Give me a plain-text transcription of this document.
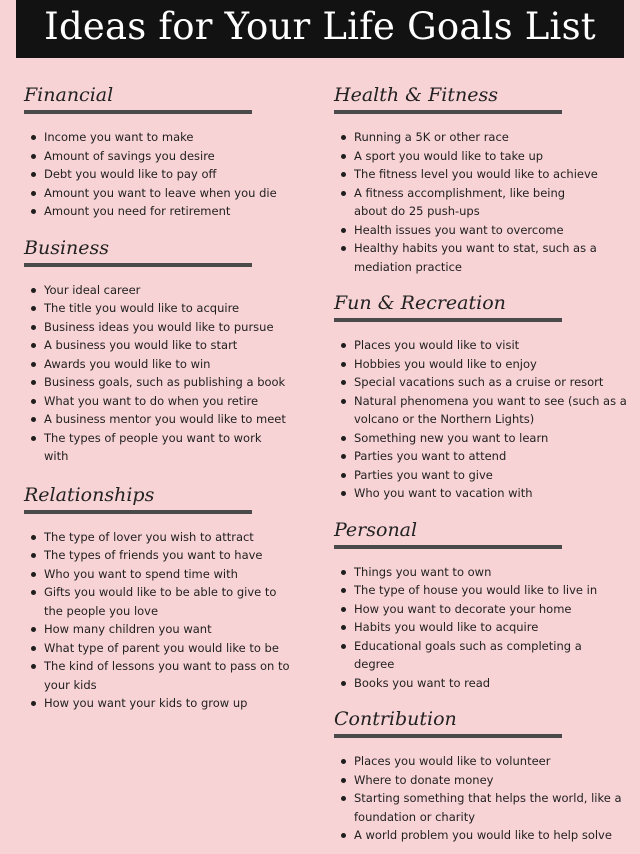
Ideas for Your Life Goals List
Financial
Income you want to make
Amount of savings you desire
Debt you would like to pay off
Amount you want to leave when you die
Amount you need for retirement
Business
Your ideal career
The title you would like to acquire
Business ideas you would like to pursue
A business you would like to start
Awards you would like to win
Business goals, such as publishing a book
What you want to do when you retire
A business mentor you would like to meet
The types of people you want to work with
Relationships
The type of lover you wish to attract
The types of friends you want to have
Who you want to spend time with
Gifts you would like to be able to give to the people you love
How many children you want
What type of parent you would like to be
The kind of lessons you want to pass on to your kids
How you want your kids to grow up
Health & Fitness
Running a 5K or other race
A sport you would like to take up
The fitness level you would like to achieve
A fitness accomplishment, like being about do 25 push-ups
Health issues you want to overcome
Healthy habits you want to stat, such as a mediation practice
Fun & Recreation
Places you would like to visit
Hobbies you would like to enjoy
Special vacations such as a cruise or resort
Natural phenomena you want to see (such as a volcano or the Northern Lights)
Something new you want to learn
Parties you want to attend
Parties you want to give
Who you want to vacation with
Personal
Things you want to own
The type of house you would like to live in
How you want to decorate your home
Habits you would like to acquire
Educational goals such as completing a degree
Books you want to read
Contribution
Places you would like to volunteer
Where to donate money
Starting something that helps the world, like a foundation or charity
A world problem you would like to help solve
